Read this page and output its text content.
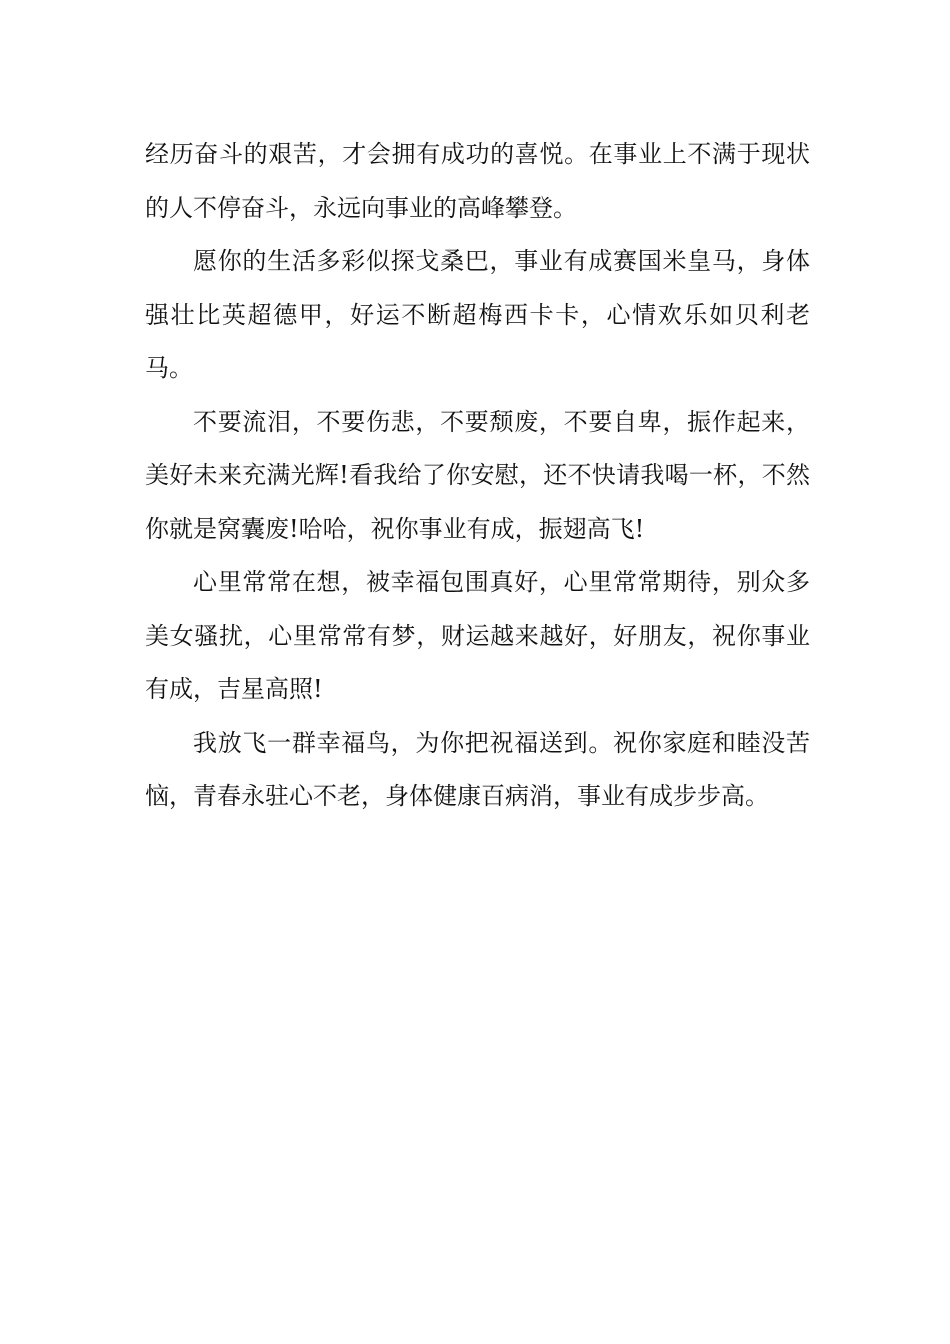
经历奋斗的艰苦，才会拥有成功的喜悦。在事业上不满于现状的人不停奋斗，永远向事业的高峰攀登。

愿你的生活多彩似探戈桑巴，事业有成赛国米皇马，身体强壮比英超德甲，好运不断超梅西卡卡，心情欢乐如贝利老马。

不要流泪，不要伤悲，不要颓废，不要自卑，振作起来，美好未来充满光辉!看我给了你安慰，还不快请我喝一杯，不然你就是窝囊废!哈哈，祝你事业有成，振翅高飞!

心里常常在想，被幸福包围真好，心里常常期待，别众多美女骚扰，心里常常有梦，财运越来越好，好朋友，祝你事业有成，吉星高照!

我放飞一群幸福鸟，为你把祝福送到。祝你家庭和睦没苦恼，青春永驻心不老，身体健康百病消，事业有成步步高。
